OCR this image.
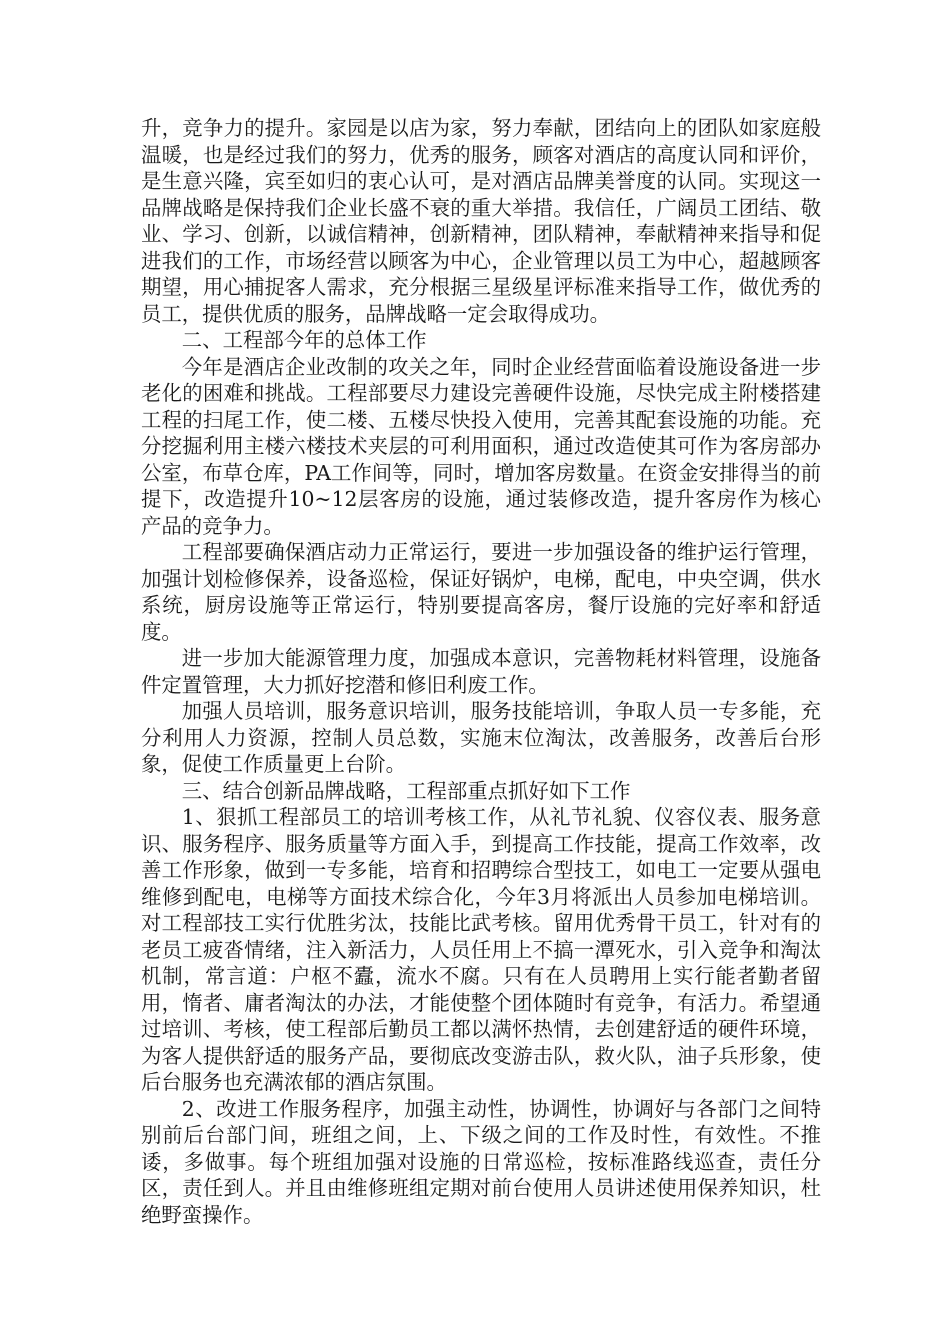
升，竞争力的提升。家园是以店为家，努力奉献，团结向上的团队如家庭般温暖，也是经过我们的努力，优秀的服务，顾客对酒店的高度认同和评价，是生意兴隆，宾至如归的衷心认可，是对酒店品牌美誉度的认同。实现这一品牌战略是保持我们企业长盛不衰的重大举措。我信任，广阔员工团结、敬业、学习、创新，以诚信精神，创新精神，团队精神，奉献精神来指导和促进我们的工作，市场经营以顾客为中心，企业管理以员工为中心，超越顾客期望，用心捕捉客人需求，充分根据三星级星评标准来指导工作，做优秀的员工，提供优质的服务，品牌战略一定会取得成功。

二、工程部今年的总体工作

今年是酒店企业改制的攻关之年，同时企业经营面临着设施设备进一步老化的困难和挑战。工程部要尽力建设完善硬件设施，尽快完成主附楼搭建工程的扫尾工作，使二楼、五楼尽快投入使用，完善其配套设施的功能。充分挖掘利用主楼六楼技术夹层的可利用面积，通过改造使其可作为客房部办公室，布草仓库，PA工作间等，同时，增加客房数量。在资金安排得当的前提下，改造提升10~12层客房的设施，通过装修改造，提升客房作为核心产品的竞争力。

工程部要确保酒店动力正常运行，要进一步加强设备的维护运行管理，加强计划检修保养，设备巡检，保证好锅炉，电梯，配电，中央空调，供水系统，厨房设施等正常运行，特别要提高客房，餐厅设施的完好率和舒适度。

进一步加大能源管理力度，加强成本意识，完善物耗材料管理，设施备件定置管理，大力抓好挖潜和修旧利废工作。

加强人员培训，服务意识培训，服务技能培训，争取人员一专多能，充分利用人力资源，控制人员总数，实施末位淘汰，改善服务，改善后台形象，促使工作质量更上台阶。

三、结合创新品牌战略，工程部重点抓好如下工作

1、狠抓工程部员工的培训考核工作，从礼节礼貌、仪容仪表、服务意识、服务程序、服务质量等方面入手，到提高工作技能，提高工作效率，改善工作形象，做到一专多能，培育和招聘综合型技工，如电工一定要从强电维修到配电，电梯等方面技术综合化，今年3月将派出人员参加电梯培训。对工程部技工实行优胜劣汰，技能比武考核。留用优秀骨干员工，针对有的老员工疲沓情绪，注入新活力，人员任用上不搞一潭死水，引入竞争和淘汰机制，常言道：户枢不蠹，流水不腐。只有在人员聘用上实行能者勤者留用，惰者、庸者淘汰的办法，才能使整个团体随时有竞争，有活力。希望通过培训、考核，使工程部后勤员工都以满怀热情，去创建舒适的硬件环境，为客人提供舒适的服务产品，要彻底改变游击队，救火队，油子兵形象，使后台服务也充满浓郁的酒店氛围。

2、改进工作服务程序，加强主动性，协调性，协调好与各部门之间特别前后台部门间，班组之间，上、下级之间的工作及时性，有效性。不推诿，多做事。每个班组加强对设施的日常巡检，按标准路线巡查，责任分区，责任到人。并且由维修班组定期对前台使用人员讲述使用保养知识，杜绝野蛮操作。
